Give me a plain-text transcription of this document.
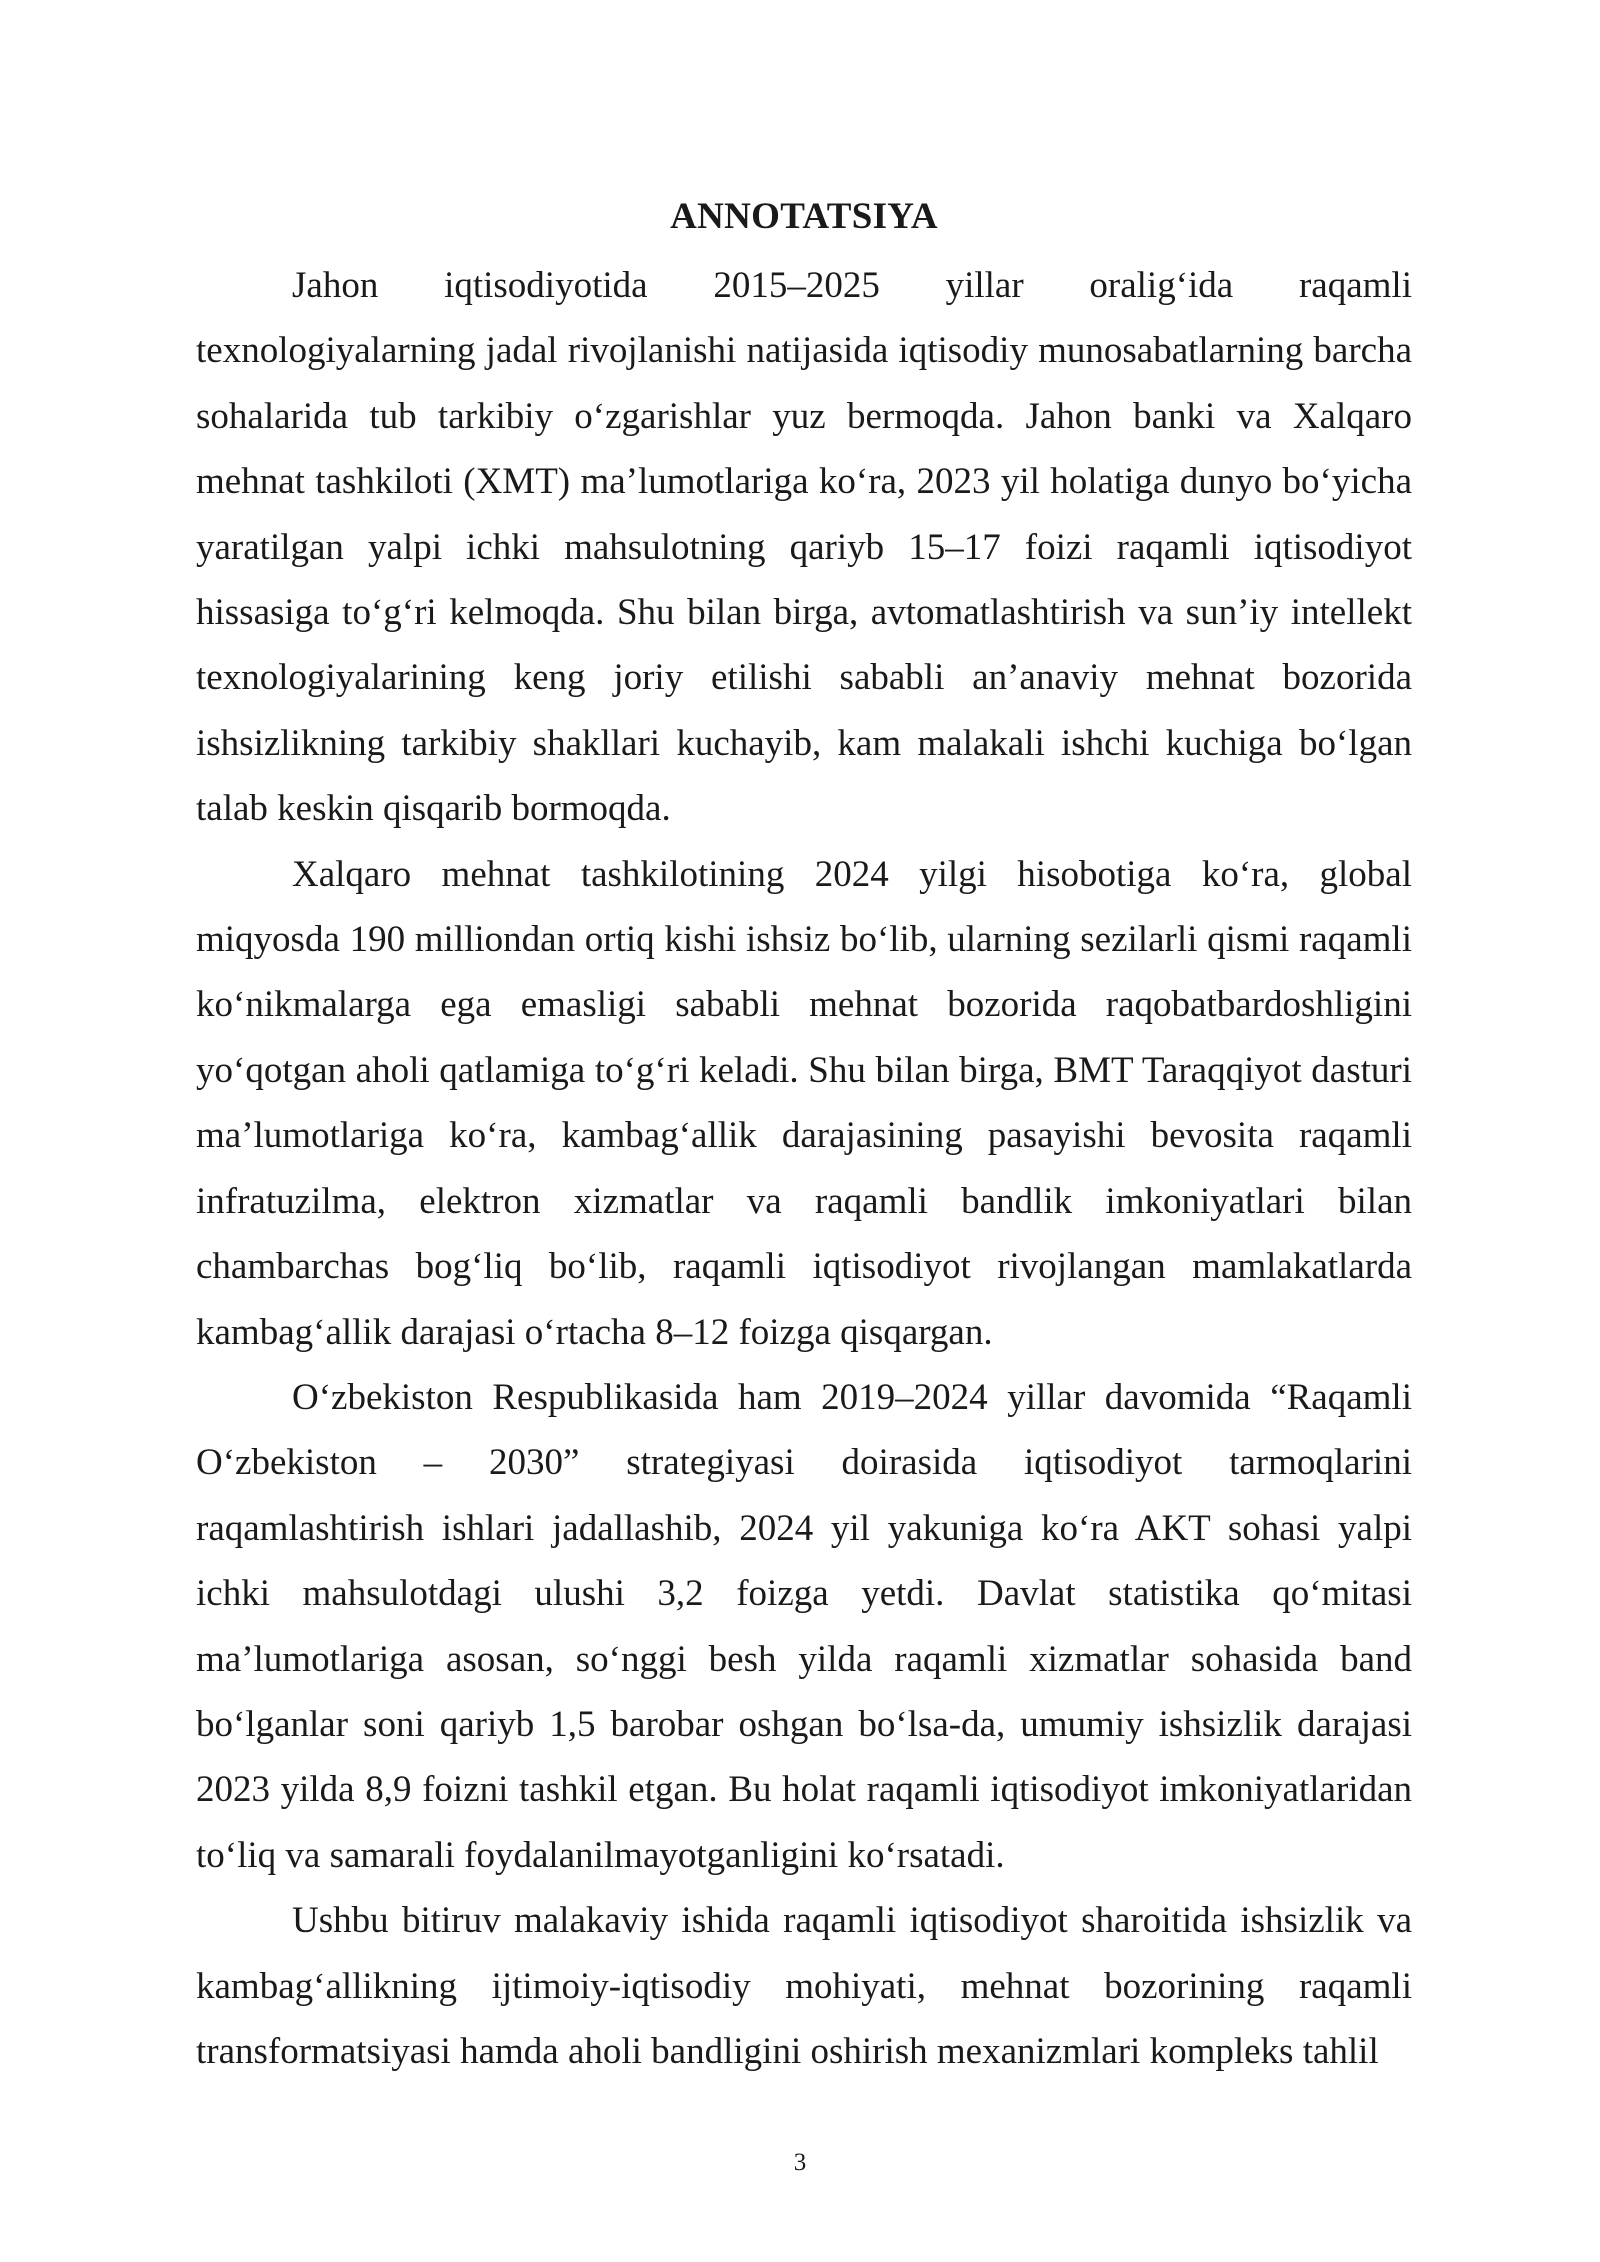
ANNOTATSIYA

Jahon iqtisodiyotida 2015–2025 yillar oralig‘ida raqamli texnologiyalarning jadal rivojlanishi natijasida iqtisodiy munosabatlarning barcha sohalarida tub tarkibiy o‘zgarishlar yuz bermoqda. Jahon banki va Xalqaro mehnat tashkiloti (XMT) ma’lumotlariga ko‘ra, 2023 yil holatiga dunyo bo‘yicha yaratilgan yalpi ichki mahsulotning qariyb 15–17 foizi raqamli iqtisodiyot hissasiga to‘g‘ri kelmoqda. Shu bilan birga, avtomatlashtirish va sun’iy intellekt texnologiyalarining keng joriy etilishi sababli an’anaviy mehnat bozorida ishsizlikning tarkibiy shakllari kuchayib, kam malakali ishchi kuchiga bo‘lgan talab keskin qisqarib bormoqda.

Xalqaro mehnat tashkilotining 2024 yilgi hisobotiga ko‘ra, global miqyosda 190 milliondan ortiq kishi ishsiz bo‘lib, ularning sezilarli qismi raqamli ko‘nikmalarga ega emasligi sababli mehnat bozorida raqobatbardoshligini yo‘qotgan aholi qatlamiga to‘g‘ri keladi. Shu bilan birga, BMT Taraqqiyot dasturi ma’lumotlariga ko‘ra, kambag‘allik darajasining pasayishi bevosita raqamli infratuzilma, elektron xizmatlar va raqamli bandlik imkoniyatlari bilan chambarchas bog‘liq bo‘lib, raqamli iqtisodiyot rivojlangan mamlakatlarda kambag‘allik darajasi o‘rtacha 8–12 foizga qisqargan.

O‘zbekiston Respublikasida ham 2019–2024 yillar davomida “Raqamli O‘zbekiston – 2030” strategiyasi doirasida iqtisodiyot tarmoqlarini raqamlashtirish ishlari jadallashib, 2024 yil yakuniga ko‘ra AKT sohasi yalpi ichki mahsulotdagi ulushi 3,2 foizga yetdi. Davlat statistika qo‘mitasi ma’lumotlariga asosan, so‘nggi besh yilda raqamli xizmatlar sohasida band bo‘lganlar soni qariyb 1,5 barobar oshgan bo‘lsa-da, umumiy ishsizlik darajasi 2023 yilda 8,9 foizni tashkil etgan. Bu holat raqamli iqtisodiyot imkoniyatlaridan to‘liq va samarali foydalanilmayotganligini ko‘rsatadi.

Ushbu bitiruv malakaviy ishida raqamli iqtisodiyot sharoitida ishsizlik va kambag‘allikning ijtimoiy-iqtisodiy mohiyati, mehnat bozorining raqamli transformatsiyasi hamda aholi bandligini oshirish mexanizmlari kompleks tahlil

3
